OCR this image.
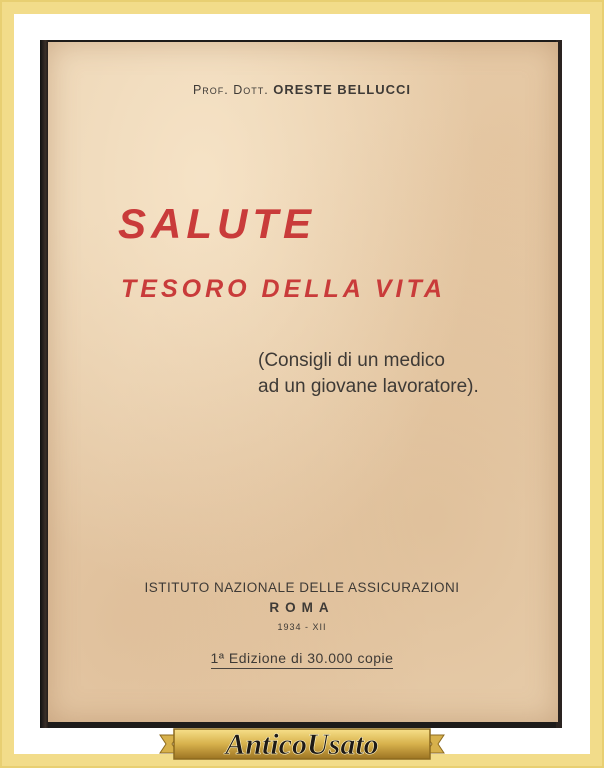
Prof. Dott. ORESTE BELLUCCI
SALUTE
TESORO DELLA VITA
(Consigli di un medico
ad un giovane lavoratore).
ISTITUTO NAZIONALE DELLE ASSICURAZIONI
ROMA
1934 - XII
1ª Edizione di 30.000 copie
AnticoUsato
